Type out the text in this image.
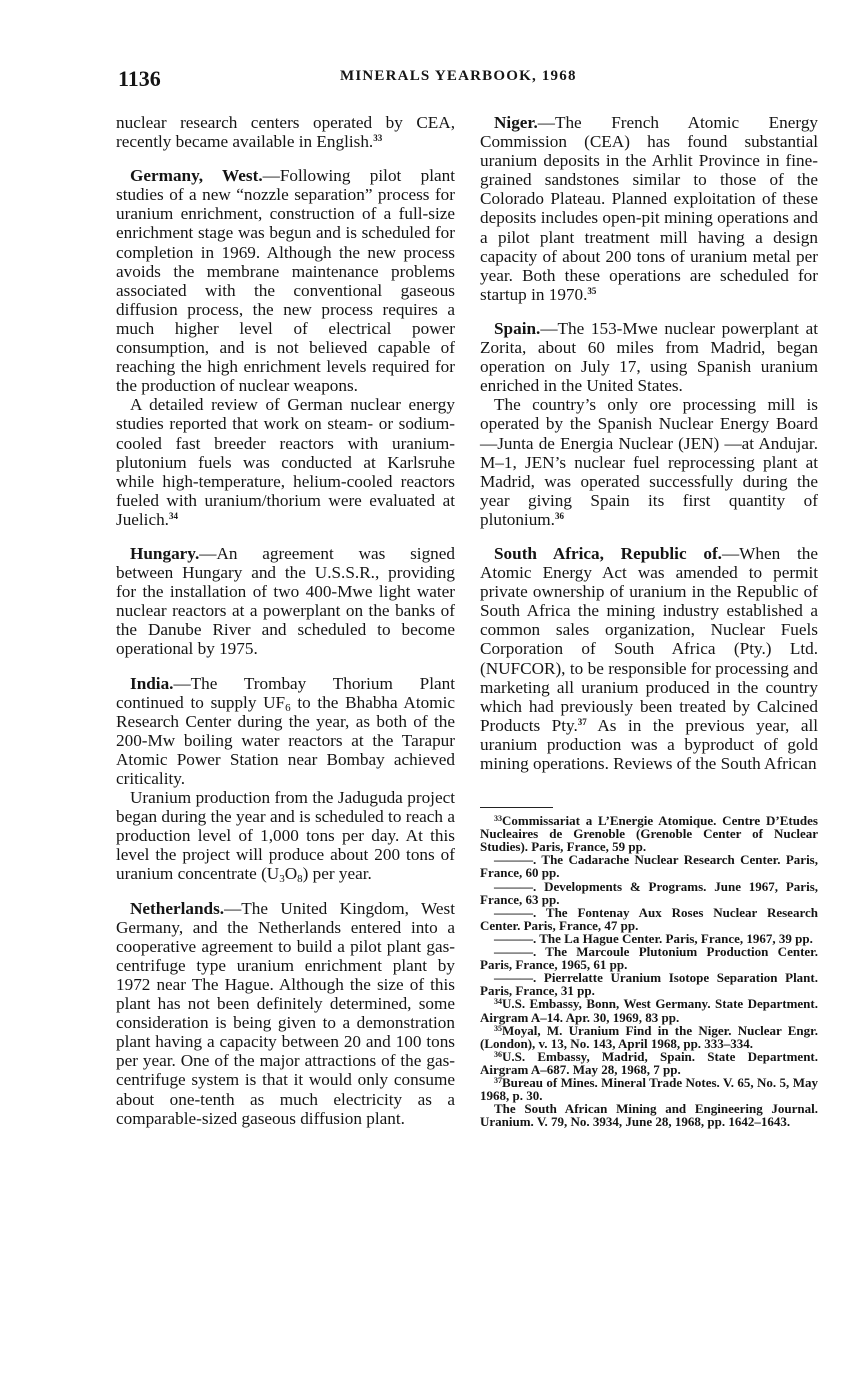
1136	MINERALS YEARBOOK, 1968

nuclear research centers operated by CEA, recently became available in English.$^{33}$

Germany, West.—Following pilot plant studies of a new “nozzle separation” process for uranium enrichment, construction of a full-size enrichment stage was begun and is scheduled for completion in 1969. Although the new process avoids the membrane maintenance problems associated with the conventional gaseous diffusion process, the new process requires a much higher level of electrical power consumption, and is not believed capable of reaching the high enrichment levels required for the production of nuclear weapons.

A detailed review of German nuclear energy studies reported that work on steam- or sodium-cooled fast breeder reactors with uranium-plutonium fuels was conducted at Karlsruhe while high-temperature, helium-cooled reactors fueled with uranium/thorium were evaluated at Juelich.$^{34}$

Hungary.—An agreement was signed between Hungary and the U.S.S.R., providing for the installation of two 400-Mwe light water nuclear reactors at a powerplant on the banks of the Danube River and scheduled to become operational by 1975.

India.—The Trombay Thorium Plant continued to supply $UF_6$ to the Bhabha Atomic Research Center during the year, as both of the 200-Mw boiling water reactors at the Tarapur Atomic Power Station near Bombay achieved criticality.

Uranium production from the Jaduguda project began during the year and is scheduled to reach a production level of 1,000 tons per day. At this level the project will produce about 200 tons of uranium concentrate $(U_3O_8)$ per year.

Netherlands.—The United Kingdom, West Germany, and the Netherlands entered into a cooperative agreement to build a pilot plant gas-centrifuge type uranium enrichment plant by 1972 near The Hague. Although the size of this plant has not been definitely determined, some consideration is being given to a demonstration plant having a capacity between 20 and 100 tons per year. One of the major attractions of the gas-centrifuge system is that it would only consume about one-tenth as much electricity as a comparable-sized gaseous diffusion plant.

Niger.—The French Atomic Energy Commission (CEA) has found substantial uranium deposits in the Arhlit Province in fine-grained sandstones similar to those of the Colorado Plateau. Planned exploitation of these deposits includes open-pit mining operations and a pilot plant treatment mill having a design capacity of about 200 tons of uranium metal per year. Both these operations are scheduled for startup in 1970.35

Spain.—The 153-Mwe nuclear powerplant at Zorita, about 60 miles from Madrid, began operation on July 17, using Spanish uranium enriched in the United States.

The country’s only ore processing mill is operated by the Spanish Nuclear Energy Board—Junta de Energia Nuclear (JEN) —at Andujar. M–1, JEN’s nuclear fuel reprocessing plant at Madrid, was operated successfully during the year giving Spain its first quantity of plutonium.$^{36}$

South Africa, Republic of.—When the Atomic Energy Act was amended to permit private ownership of uranium in the Republic of South Africa the mining industry established a common sales organization, Nuclear Fuels Corporation of South Africa (Pty.) Ltd. (NUFCOR), to be responsible for processing and marketing all uranium produced in the country which had previously been treated by Calcined Products Pty.$^{37}$ As in the previous year, all uranium production was a byproduct of gold mining operations. Reviews of the South African

$^{33}$Commissariat a L’Energie Atomique. Centre D’Etudes Nucleaires de Grenoble (Grenoble Center of Nuclear Studies). Paris, France, 59 pp.

———. The Cadarache Nuclear Research Center. Paris, France, 60 pp.

———. Developments & Programs. June 1967, Paris, France, 63 pp.

———. The Fontenay Aux Roses Nuclear Research Center. Paris, France, 47 pp.

———. The La Hague Center. Paris, France, 1967, 39 pp.

———. The Marcoule Plutonium Production Center. Paris, France, 1965, 61 pp.

———. Pierrelatte Uranium Isotope Separation Plant. Paris, France, 31 pp.

$^{34}$U.S. Embassy, Bonn, West Germany. State Department. Airgram A–14. Apr. 30, 1969, 83 pp.

$^{35}$Moyal, M. Uranium Find in the Niger. Nuclear Engr. (London), v. 13, No. 143, April 1968, pp. 333–334.

$^{36}$U.S. Embassy, Madrid, Spain. State Department. Airgram A–687. May 28, 1968, 7 pp.

$^{37}$Bureau of Mines. Mineral Trade Notes. V. 65, No. 5, May 1968, p. 30.

The South African Mining and Engineering Journal. Uranium. V. 79, No. 3934, June 28, 1968, pp. 1642–1643.
